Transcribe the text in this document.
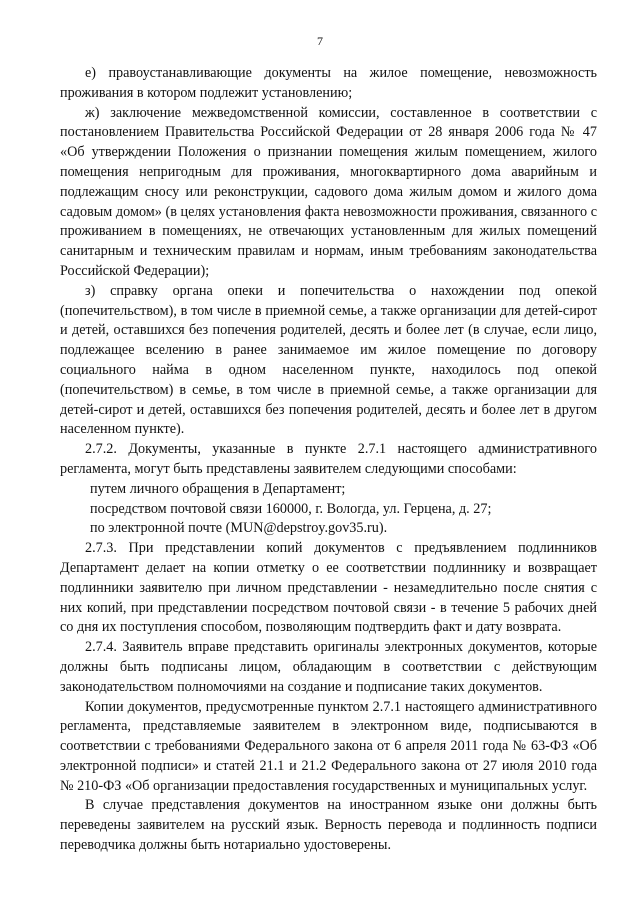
7

е) правоустанавливающие документы на жилое помещение, невозможность проживания в котором подлежит установлению;

ж) заключение межведомственной комиссии, составленное в соответствии с постановлением Правительства Российской Федерации от 28 января 2006 года № 47 «Об утверждении Положения о признании помещения жилым помещением, жилого помещения непригодным для проживания, многоквартирного дома аварийным и подлежащим сносу или реконструкции, садового дома жилым домом и жилого дома садовым домом» (в целях установления факта невозможности проживания, связанного с проживанием в помещениях, не отвечающих установленным для жилых помещений санитарным и техническим правилам и нормам, иным требованиям законодательства Российской Федерации);

з) справку органа опеки и попечительства о нахождении под опекой (попечительством), в том числе в приемной семье, а также организации для детей-сирот и детей, оставшихся без попечения родителей, десять и более лет (в случае, если лицо, подлежащее вселению в ранее занимаемое им жилое помещение по договору социального найма в одном населенном пункте, находилось под опекой (попечительством) в семье, в том числе в приемной семье, а также организации для детей-сирот и детей, оставшихся без попечения родителей, десять и более лет в другом населенном пункте).

2.7.2. Документы, указанные в пункте 2.7.1 настоящего административного регламента, могут быть представлены заявителем следующими способами:

путем личного обращения в Департамент;

посредством почтовой связи 160000, г. Вологда, ул. Герцена, д. 27;

по электронной почте (MUN@depstroy.gov35.ru).

2.7.3. При представлении копий документов с предъявлением подлинников Департамент делает на копии отметку о ее соответствии подлиннику и возвращает подлинники заявителю при личном представлении - незамедлительно после снятия с них копий, при представлении посредством почтовой связи - в течение 5 рабочих дней со дня их поступления способом, позволяющим подтвердить факт и дату возврата.

2.7.4. Заявитель вправе представить оригиналы электронных документов, которые должны быть подписаны лицом, обладающим в соответствии с действующим законодательством полномочиями на создание и подписание таких документов.

Копии документов, предусмотренные пунктом 2.7.1 настоящего административного регламента, представляемые заявителем в электронном виде, подписываются в соответствии с требованиями Федерального закона от 6 апреля 2011 года № 63-ФЗ «Об электронной подписи» и статей 21.1 и 21.2 Федерального закона от 27 июля 2010 года № 210-ФЗ «Об организации предоставления государственных и муниципальных услуг.

В случае представления документов на иностранном языке они должны быть переведены заявителем на русский язык. Верность перевода и подлинность подписи переводчика должны быть нотариально удостоверены.
